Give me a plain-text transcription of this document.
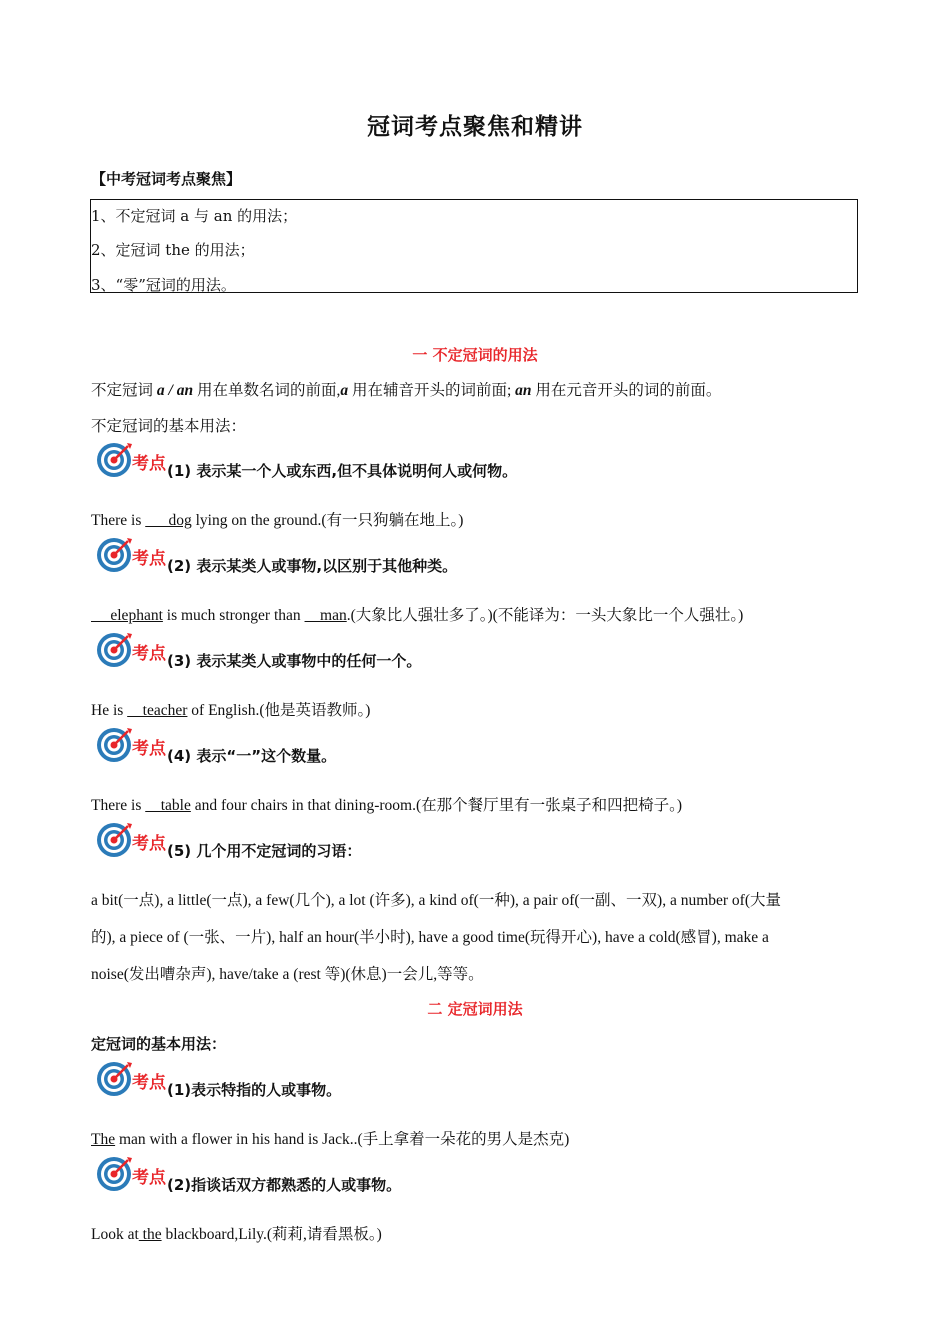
冠词考点聚焦和精讲
【中考冠词考点聚焦】
1、不定冠词 a 与 an 的用法；
2、定冠词 the 的用法；
3、“零”冠词的用法。
一 不定冠词的用法
不定冠词 a / an 用在单数名词的前面,a 用在辅音开头的词前面; an 用在元音开头的词的前面。
不定冠词的基本用法：
考点 (1) 表示某一个人或东西,但不具体说明何人或何物。
There is       dog lying on the ground.(有一只狗躺在地上。)
考点 (2) 表示某类人或事物,以区别于其他种类。
elephant is much stronger than     man.(大象比人强壮多了。)(不能译为：一头大象比一个人强壮。)
考点 (3) 表示某类人或事物中的任何一个。
He is     teacher of English.(他是英语教师。)
考点 (4) 表示“一”这个数量。
There is     table and four chairs in that dining-room.(在那个餐厅里有一张桌子和四把椅子。)
考点 (5) 几个用不定冠词的习语：
a bit(一点), a little(一点), a few(几个), a lot (许多), a kind of(一种), a pair of(一副、一双), a number of(大量
的), a piece of (一张、一片), half an hour(半小时), have a good time(玩得开心), have a cold(感冒), make a
noise(发出嘈杂声), have/take a (rest 等)(休息)一会儿,等等。
二 定冠词用法
定冠词的基本用法：
考点 (1)表示特指的人或事物。
The man with a flower in his hand is Jack..(手上拿着一朵花的男人是杰克)
考点 (2)指谈话双方都熟悉的人或事物。
Look at the blackboard,Lily.(莉莉,请看黑板。)
